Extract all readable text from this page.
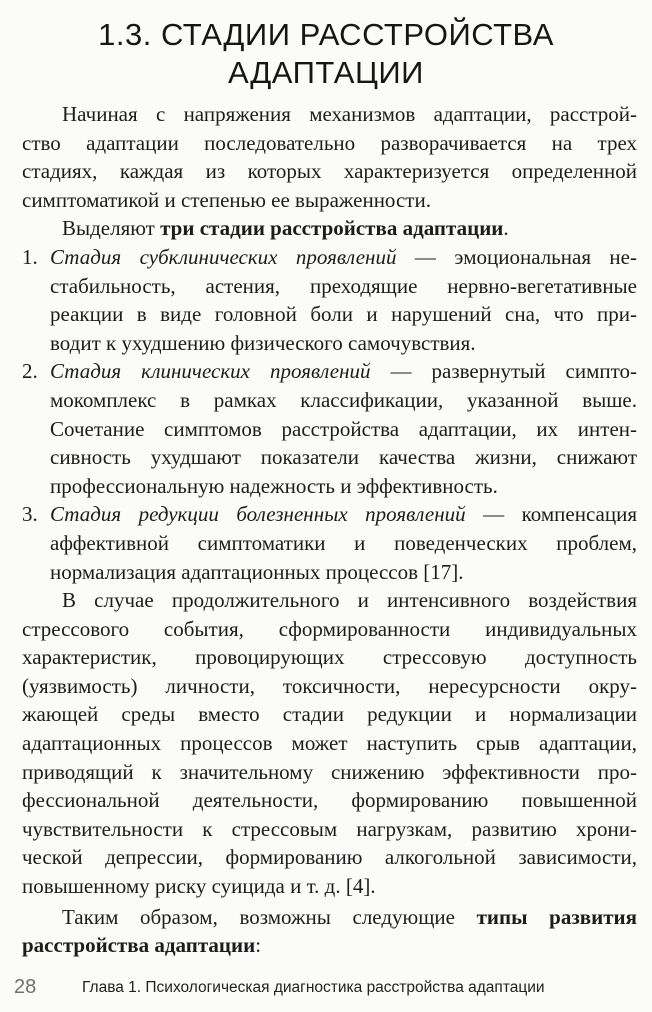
1.3. СТАДИИ РАССТРОЙСТВА
АДАПТАЦИИ
Начиная с напряжения механизмов адаптации, расстрой-
ство адаптации последовательно разворачивается на трех
стадиях, каждая из которых характеризуется определенной
симптоматикой и степенью ее выраженности.
Выделяют три стадии расстройства адаптации.
1. Стадия субклинических проявлений — эмоциональная не-
стабильность, астения, преходящие нервно-вегетативные
реакции в виде головной боли и нарушений сна, что при-
водит к ухудшению физического самочувствия.
2. Стадия клинических проявлений — развернутый симпто-
мокомплекс в рамках классификации, указанной выше.
Сочетание симптомов расстройства адаптации, их интен-
сивность ухудшают показатели качества жизни, снижают
профессиональную надежность и эффективность.
3. Стадия редукции болезненных проявлений — компенсация
аффективной симптоматики и поведенческих проблем,
нормализация адаптационных процессов [17].
В случае продолжительного и интенсивного воздействия
стрессового события, сформированности индивидуальных
характеристик, провоцирующих стрессовую доступность
(уязвимость) личности, токсичности, нересурсности окру-
жающей среды вместо стадии редукции и нормализации
адаптационных процессов может наступить срыв адаптации,
приводящий к значительному снижению эффективности про-
фессиональной деятельности, формированию повышенной
чувствительности к стрессовым нагрузкам, развитию хрони-
ческой депрессии, формированию алкогольной зависимости,
повышенному риску суицида и т. д. [4].
Таким образом, возможны следующие типы развития
расстройства адаптации:
28	Глава 1. Психологическая диагностика расстройства адаптации
